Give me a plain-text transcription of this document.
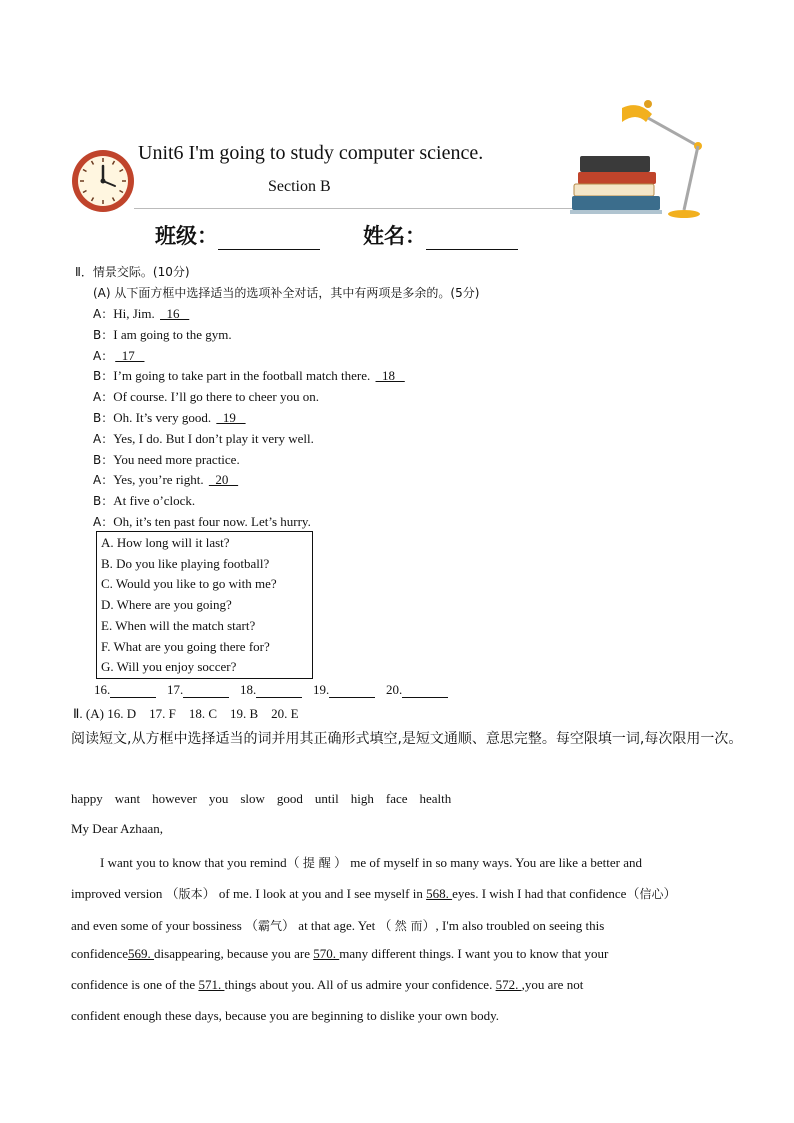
Unit6 I'm going to study computer science.
Section B
班级：	姓名：
Ⅱ．情景交际。(10分)
(A) 从下面方框中选择适当的选项补全对话，其中有两项是多余的。(5分)
A：Hi, Jim.   16
B：I am going to the gym.
A：  17
B：I’m going to take part in the football match there.   18
A：Of course. I’ll go there to cheer you on.
B：Oh. It’s very good.   19
A：Yes, I do. But I don’t play it very well.
B：You need more practice.
A：Yes, you’re right.   20
B：At five o’clock.
A：Oh, it’s ten past four now. Let’s hurry.
A. How long will it last?
B. Do you like playing football?
C. Would you like to go with me?
D. Where are you going?
E. When will the match start?
F. What are you going there for?
G. Will you enjoy soccer?
16.	17.	18.	19.	20.
Ⅱ. (A) 16. D　17. F　18. C　19. B　20. E
阅读短文,从方框中选择适当的词并用其正确形式填空,是短文通顺、意思完整。每空限填一词,每次限用一次。
happy want however you slow good until high face health
My Dear Azhaan,
I want you to know that you remind（ 提 醒 ） me of myself in so many ways. You are like a better and
improved version （版本） of me. I look at you and I see myself in 568. eyes. I wish I had that confidence（信心）
and even some of your bossiness （霸气） at that age. Yet （ 然 而）, I'm also troubled on seeing this
confidence569. disappearing, because you are 570. many different things. I want you to know that your
confidence is one of the 571. things about you. All of us admire your confidence. 572. ,you are not
confident enough these days, because you are beginning to dislike your own body.
